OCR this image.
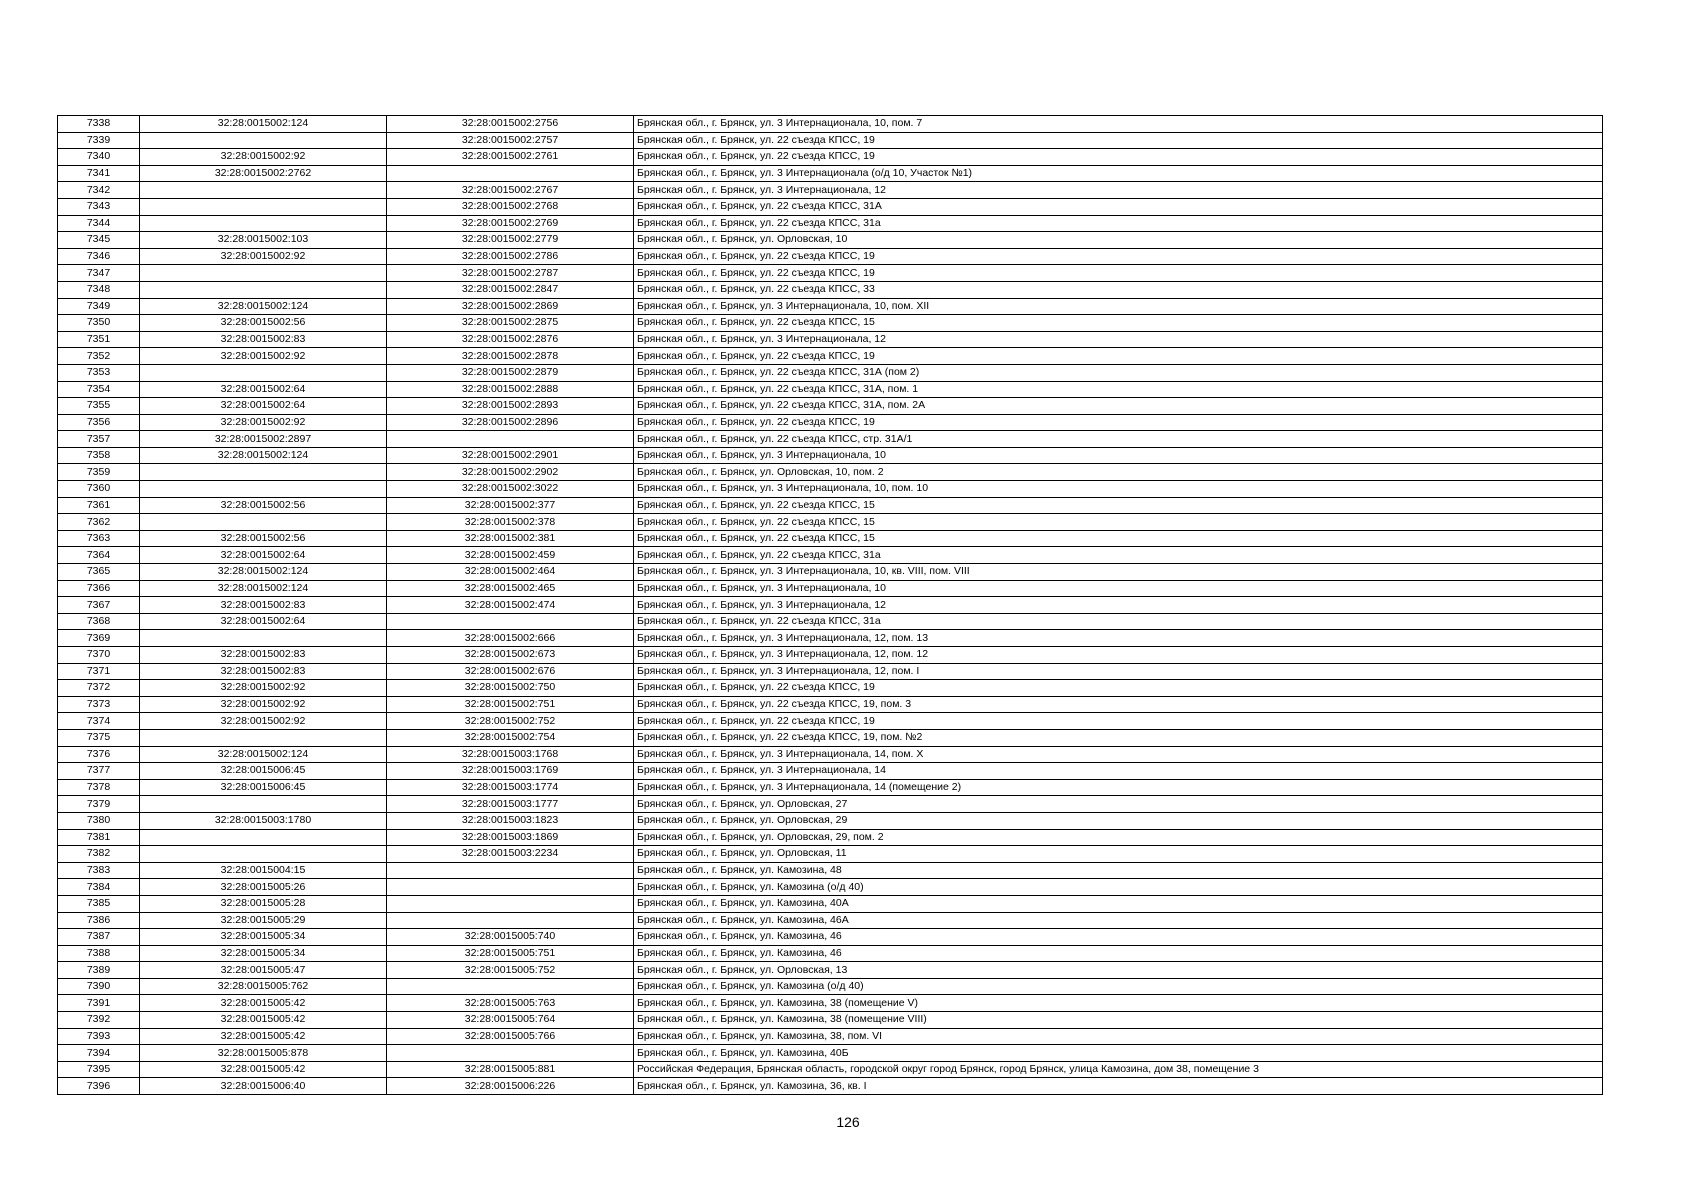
7338	32:28:0015002:124	32:28:0015002:2756	Брянская обл., г. Брянск, ул. 3 Интернационала, 10, пом. 7
7339		32:28:0015002:2757	Брянская обл., г. Брянск, ул. 22 съезда КПСС, 19
7340	32:28:0015002:92	32:28:0015002:2761	Брянская обл., г. Брянск, ул. 22 съезда КПСС, 19
7341	32:28:0015002:2762		Брянская обл., г. Брянск, ул. 3 Интернационала (о/д 10, Участок №1)
7342		32:28:0015002:2767	Брянская обл., г. Брянск, ул. 3 Интернационала, 12
7343		32:28:0015002:2768	Брянская обл., г. Брянск, ул. 22 съезда КПСС, 31А
7344		32:28:0015002:2769	Брянская обл., г. Брянск, ул. 22 съезда КПСС, 31а
7345	32:28:0015002:103	32:28:0015002:2779	Брянская обл., г. Брянск, ул. Орловская, 10
7346	32:28:0015002:92	32:28:0015002:2786	Брянская обл., г. Брянск, ул. 22 съезда КПСС, 19
7347		32:28:0015002:2787	Брянская обл., г. Брянск, ул. 22 съезда КПСС, 19
7348		32:28:0015002:2847	Брянская обл., г. Брянск, ул. 22 съезда КПСС, 33
7349	32:28:0015002:124	32:28:0015002:2869	Брянская обл., г. Брянск, ул. 3 Интернационала, 10, пом. XII
7350	32:28:0015002:56	32:28:0015002:2875	Брянская обл., г. Брянск, ул. 22 съезда КПСС, 15
7351	32:28:0015002:83	32:28:0015002:2876	Брянская обл., г. Брянск, ул. 3 Интернационала, 12
7352	32:28:0015002:92	32:28:0015002:2878	Брянская обл., г. Брянск, ул. 22 съезда КПСС, 19
7353		32:28:0015002:2879	Брянская обл., г. Брянск, ул. 22 съезда КПСС, 31А (пом 2)
7354	32:28:0015002:64	32:28:0015002:2888	Брянская обл., г. Брянск, ул. 22 съезда КПСС, 31А, пом. 1
7355	32:28:0015002:64	32:28:0015002:2893	Брянская обл., г. Брянск, ул. 22 съезда КПСС, 31А, пом. 2А
7356	32:28:0015002:92	32:28:0015002:2896	Брянская обл., г. Брянск, ул. 22 съезда КПСС, 19
7357	32:28:0015002:2897		Брянская обл., г. Брянск, ул. 22 съезда КПСС, стр. 31А/1
7358	32:28:0015002:124	32:28:0015002:2901	Брянская обл., г. Брянск, ул. 3 Интернационала, 10
7359		32:28:0015002:2902	Брянская обл., г. Брянск, ул. Орловская, 10, пом. 2
7360		32:28:0015002:3022	Брянская обл., г. Брянск, ул. 3 Интернационала, 10, пом. 10
7361	32:28:0015002:56	32:28:0015002:377	Брянская обл., г. Брянск, ул. 22 съезда КПСС, 15
7362		32:28:0015002:378	Брянская обл., г. Брянск, ул. 22 съезда КПСС, 15
7363	32:28:0015002:56	32:28:0015002:381	Брянская обл., г. Брянск, ул. 22 съезда КПСС, 15
7364	32:28:0015002:64	32:28:0015002:459	Брянская обл., г. Брянск, ул. 22 съезда КПСС, 31а
7365	32:28:0015002:124	32:28:0015002:464	Брянская обл., г. Брянск, ул. 3 Интернационала, 10, кв. VIII, пом. VIII
7366	32:28:0015002:124	32:28:0015002:465	Брянская обл., г. Брянск, ул. 3 Интернационала, 10
7367	32:28:0015002:83	32:28:0015002:474	Брянская обл., г. Брянск, ул. 3 Интернационала, 12
7368	32:28:0015002:64		Брянская обл., г. Брянск, ул. 22 съезда КПСС, 31а
7369		32:28:0015002:666	Брянская обл., г. Брянск, ул. 3 Интернационала, 12, пом. 13
7370	32:28:0015002:83	32:28:0015002:673	Брянская обл., г. Брянск, ул. 3 Интернационала, 12, пом. 12
7371	32:28:0015002:83	32:28:0015002:676	Брянская обл., г. Брянск, ул. 3 Интернационала, 12, пом. I
7372	32:28:0015002:92	32:28:0015002:750	Брянская обл., г. Брянск, ул. 22 съезда КПСС, 19
7373	32:28:0015002:92	32:28:0015002:751	Брянская обл., г. Брянск, ул. 22 съезда КПСС, 19, пом. 3
7374	32:28:0015002:92	32:28:0015002:752	Брянская обл., г. Брянск, ул. 22 съезда КПСС, 19
7375		32:28:0015002:754	Брянская обл., г. Брянск, ул. 22 съезда КПСС, 19, пом. №2
7376	32:28:0015002:124	32:28:0015003:1768	Брянская обл., г. Брянск, ул. 3 Интернационала, 14, пом. X
7377	32:28:0015006:45	32:28:0015003:1769	Брянская обл., г. Брянск, ул. 3 Интернационала, 14
7378	32:28:0015006:45	32:28:0015003:1774	Брянская обл., г. Брянск, ул. 3 Интернационала, 14 (помещение 2)
7379		32:28:0015003:1777	Брянская обл., г. Брянск, ул. Орловская, 27
7380	32:28:0015003:1780	32:28:0015003:1823	Брянская обл., г. Брянск, ул. Орловская, 29
7381		32:28:0015003:1869	Брянская обл., г. Брянск, ул. Орловская, 29, пом. 2
7382		32:28:0015003:2234	Брянская обл., г. Брянск, ул. Орловская, 11
7383	32:28:0015004:15		Брянская обл., г. Брянск, ул. Камозина, 48
7384	32:28:0015005:26		Брянская обл., г. Брянск, ул. Камозина (о/д 40)
7385	32:28:0015005:28		Брянская обл., г. Брянск, ул. Камозина, 40А
7386	32:28:0015005:29		Брянская обл., г. Брянск, ул. Камозина, 46А
7387	32:28:0015005:34	32:28:0015005:740	Брянская обл., г. Брянск, ул. Камозина, 46
7388	32:28:0015005:34	32:28:0015005:751	Брянская обл., г. Брянск, ул. Камозина, 46
7389	32:28:0015005:47	32:28:0015005:752	Брянская обл., г. Брянск, ул. Орловская, 13
7390	32:28:0015005:762		Брянская обл., г. Брянск, ул. Камозина (о/д 40)
7391	32:28:0015005:42	32:28:0015005:763	Брянская обл., г. Брянск, ул. Камозина, 38 (помещение V)
7392	32:28:0015005:42	32:28:0015005:764	Брянская обл., г. Брянск, ул. Камозина, 38 (помещение VIII)
7393	32:28:0015005:42	32:28:0015005:766	Брянская обл., г. Брянск, ул. Камозина, 38, пом. VI
7394	32:28:0015005:878		Брянская обл., г. Брянск, ул. Камозина, 40Б
7395	32:28:0015005:42	32:28:0015005:881	Российская Федерация, Брянская область, городской округ город Брянск, город Брянск, улица Камозина, дом 38, помещение 3
7396	32:28:0015006:40	32:28:0015006:226	Брянская обл., г. Брянск, ул. Камозина, 36, кв. I
126
